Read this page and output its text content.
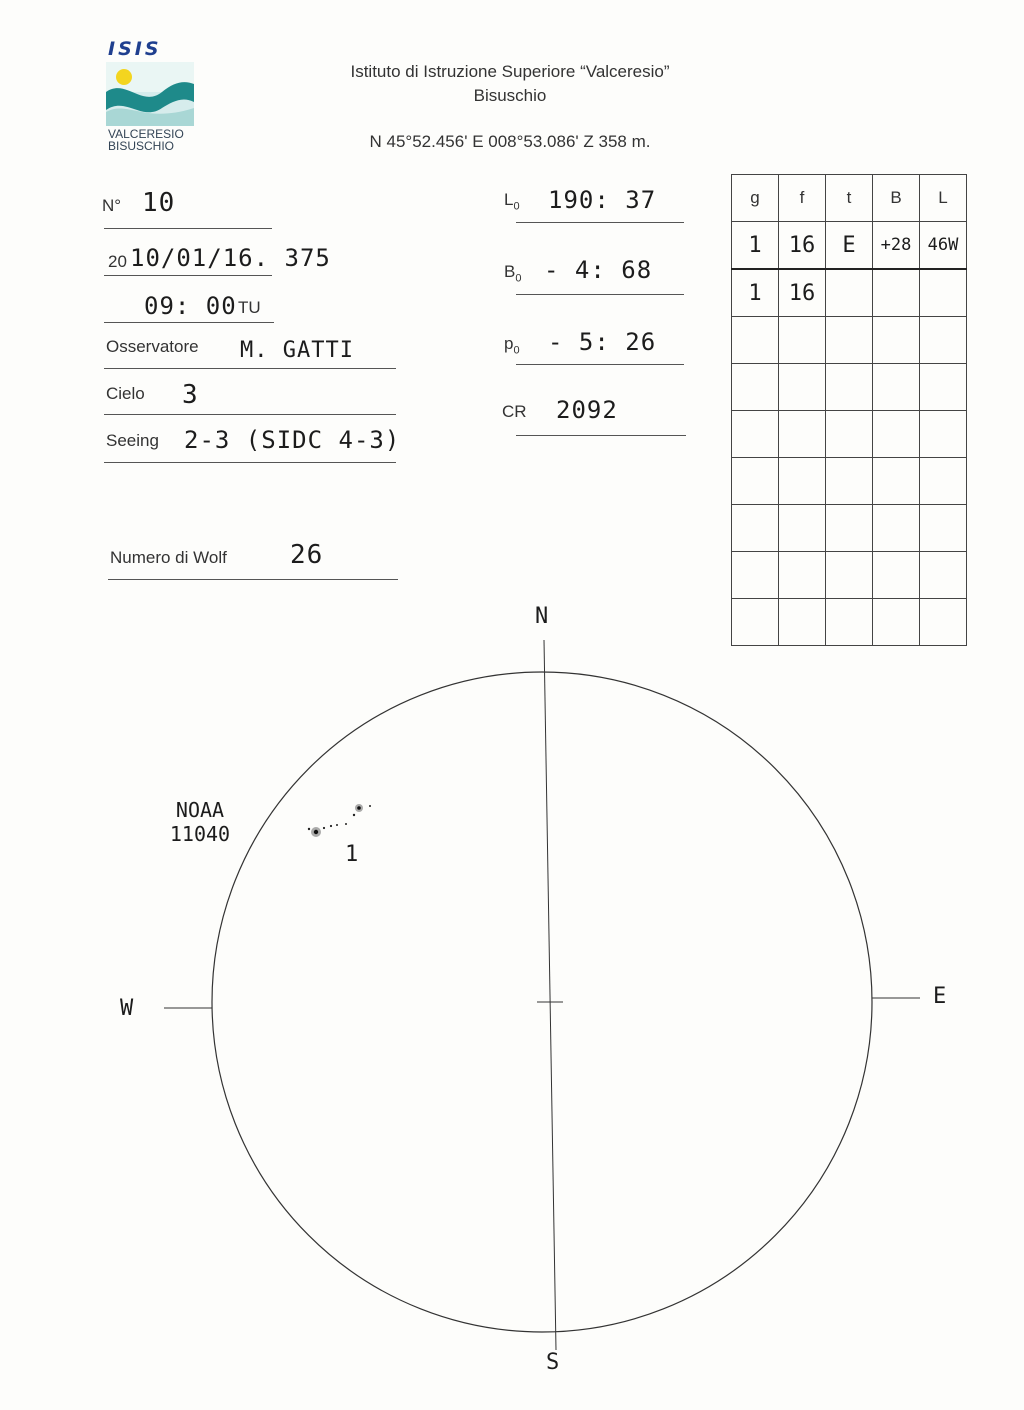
ISIS
VALCERESIO
BISUSCHIO
Istituto di Istruzione Superiore “Valceresio”
Bisuschio
N 45°52.456' E 008°53.086' Z 358 m.
N° 10
20 10/01/16. 375
09: 00 TU
Osservatore M. GATTI
Cielo 3
Seeing 2-3 (SIDC 4-3)
Numero di Wolf 26
$L_0$ 190: 37
$B_0 - 4$: 68
$p_0 - 5$: 26
CR 2092
g	f	t	B	L
1	16	E	+28	46W
1	16			

N
S
E
W
NOAA
11040
1
